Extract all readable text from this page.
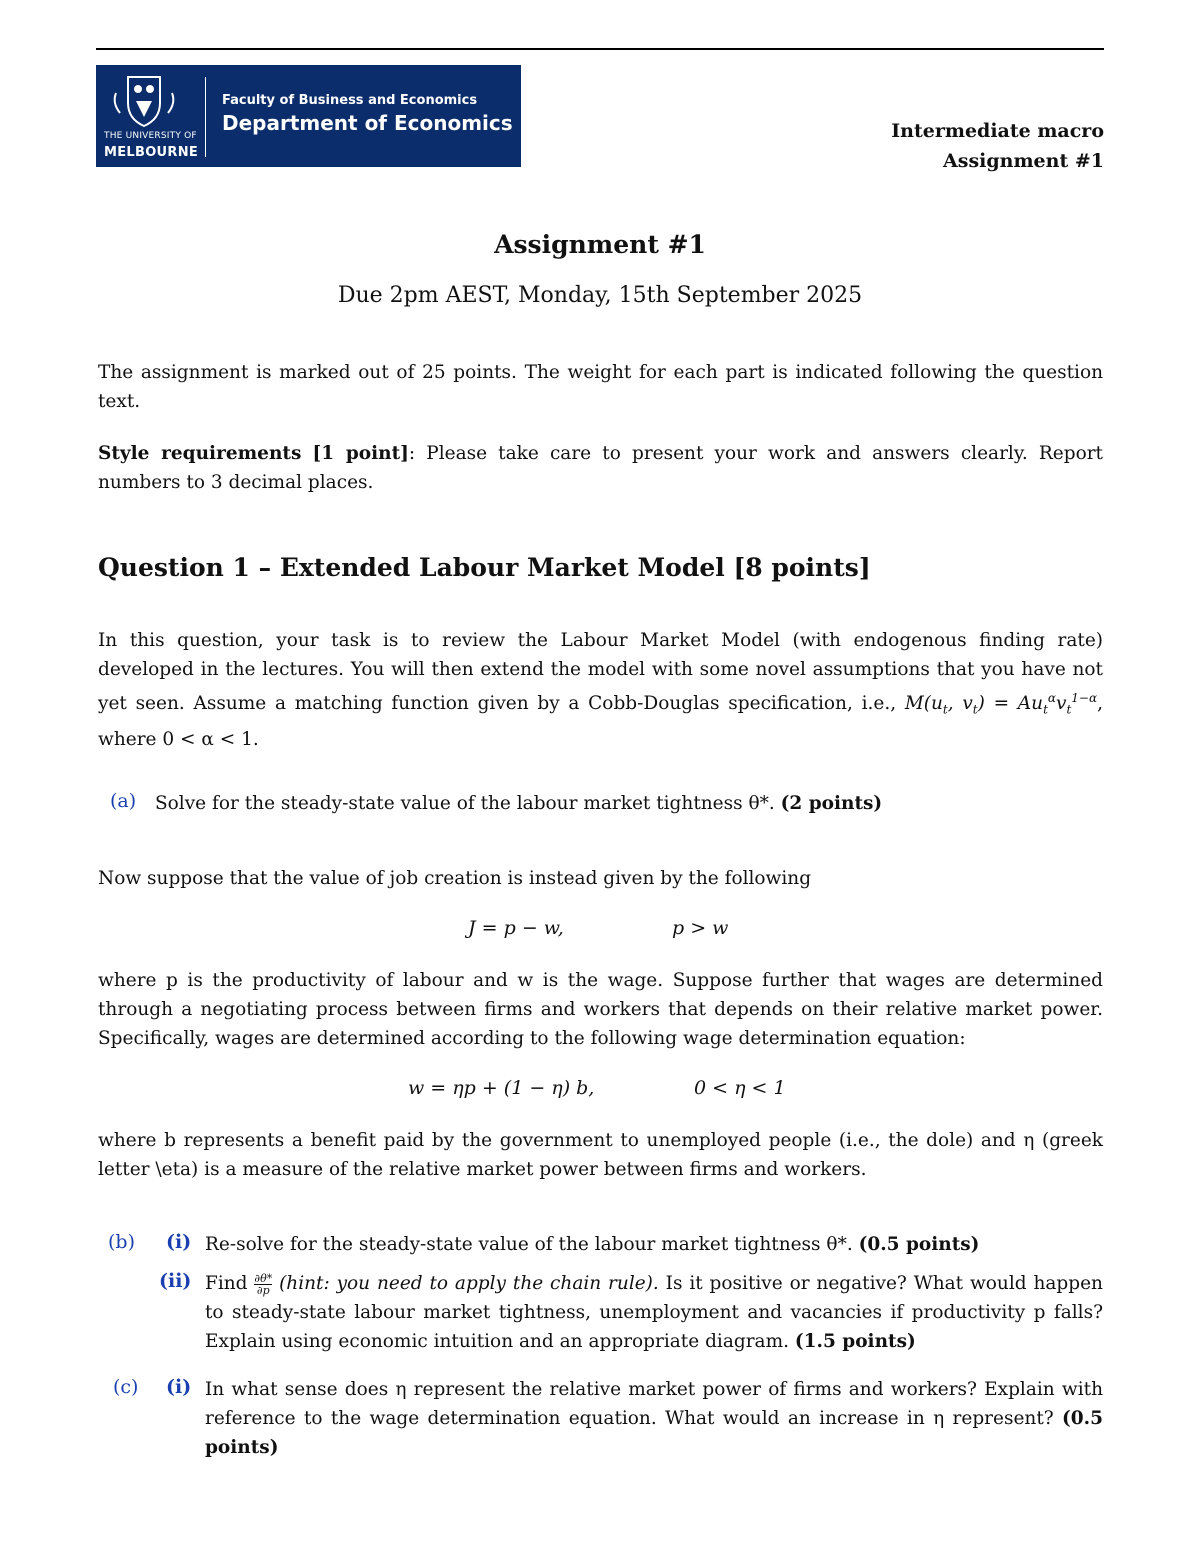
THE UNIVERSITY OF
MELBOURNE
Faculty of Business and Economics
Department of Economics	Intermediate macro
Assignment #1
Assignment #1
Due 2pm AEST, Monday, 15th September 2025
The assignment is marked out of 25 points. The weight for each part is indicated following the question text.
Style requirements [1 point]: Please take care to present your work and answers clearly. Report numbers to 3 decimal places.
Question 1 – Extended Labour Market Model [8 points]
In this question, your task is to review the Labour Market Model (with endogenous finding rate) developed in the lectures. You will then extend the model with some novel assumptions that you have not yet seen. Assume a matching function given by a Cobb-Douglas specification, i.e., $M(u_t$, $v_t) = Au_t^\alpha v_t^{1-\alpha}$, where 0 < α < 1.
(a) Solve for the steady-state value of the labour market tightness θ*. (2 points)
Now suppose that the value of job creation is instead given by the following
J = p − w,	p > w
where p is the productivity of labour and w is the wage. Suppose further that wages are determined through a negotiating process between firms and workers that depends on their relative market power. Specifically, wages are determined according to the following wage determination equation:
w = ηp + (1 − η) b,	0 < η < 1
where b represents a benefit paid by the government to unemployed people (i.e., the dole) and η (greek letter \eta) is a measure of the relative market power between firms and workers.
(b) (i) Re-solve for the steady-state value of the labour market tightness θ*. (0.5 points)
(ii) Find $\frac{\partial\theta*}{\partial p}$ (hint: you need to apply the chain rule). Is it positive or negative? What would happen to steady-state labour market tightness, unemployment and vacancies if productivity p falls? Explain using economic intuition and an appropriate diagram. (1.5 points)
(c) (i) In what sense does η represent the relative market power of firms and workers? Explain with reference to the wage determination equation. What would an increase in η represent? (0.5 points)
